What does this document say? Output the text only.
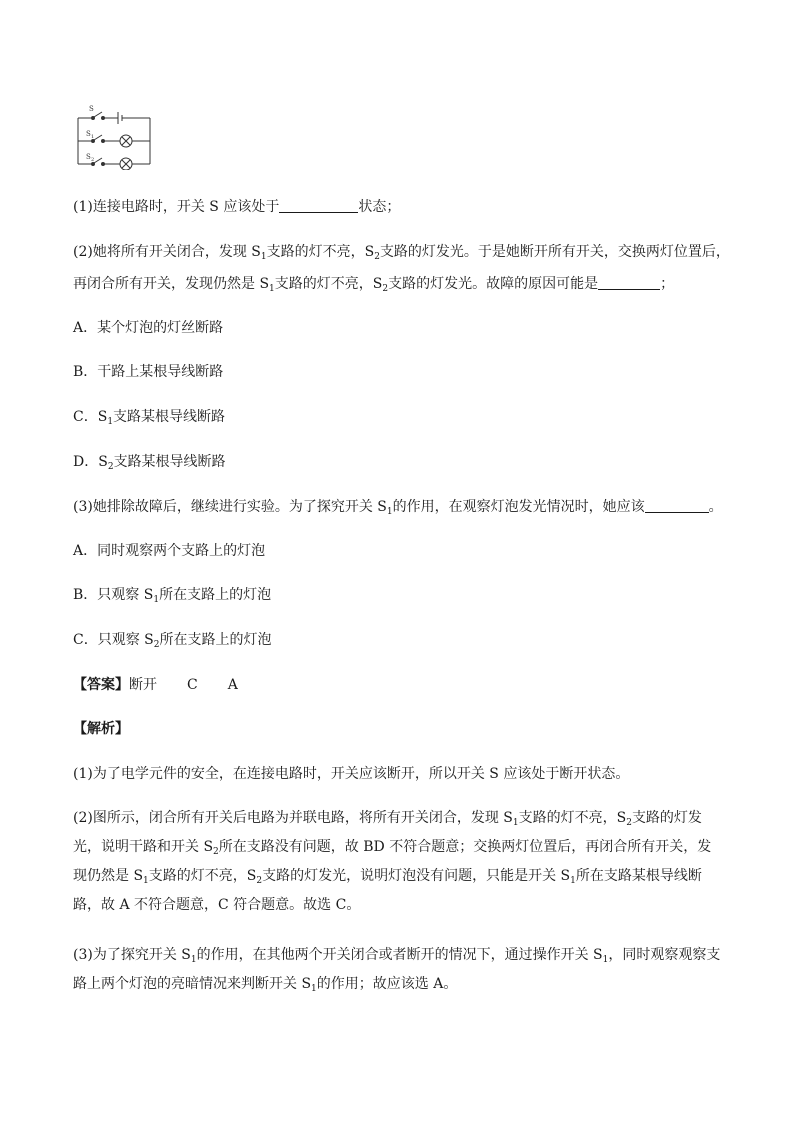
S
S 1
S 2
(1)连接电路时，开关 S 应该处于	状态；
(2)她将所有开关闭合，发现 $S_1$支路的灯不亮，$S_2$支路的灯发光。于是她断开所有开关，交换两灯位置后，
再闭合所有开关，发现仍然是 $S_1$支路的灯不亮，$S_2$支路的灯发光。故障的原因可能是	；
A．某个灯泡的灯丝断路
B．干路上某根导线断路
C．$S_1$支路某根导线断路
D．$S_2$支路某根导线断路
(3)她排除故障后，继续进行实验。为了探究开关 $S_1$的作用，在观察灯泡发光情况时，她应该	。
A．同时观察两个支路上的灯泡
B．只观察 $S_1$所在支路上的灯泡
C．只观察 $S_2$所在支路上的灯泡
【答案】断开 C A
【解析】
(1)为了电学元件的安全，在连接电路时，开关应该断开，所以开关 S 应该处于断开状态。
(2)图所示，闭合所有开关后电路为并联电路，将所有开关闭合，发现 $S_1$支路的灯不亮，$S_2$支路的灯发光，说明干路和开关 $S_2$所在支路没有问题，故 BD 不符合题意；交换两灯位置后，再闭合所有开关，发现仍然是 $S_1$支路的灯不亮，$S_2$支路的灯发光，说明灯泡没有问题，只能是开关 $S_1$所在支路某根导线断路，故 A 不符合题意，C 符合题意。故选 C。
(3)为了探究开关 $S_1$的作用，在其他两个开关闭合或者断开的情况下，通过操作开关 $S_1$，同时观察观察支路上两个灯泡的亮暗情况来判断开关 $S_1$的作用；故应该选 A。
